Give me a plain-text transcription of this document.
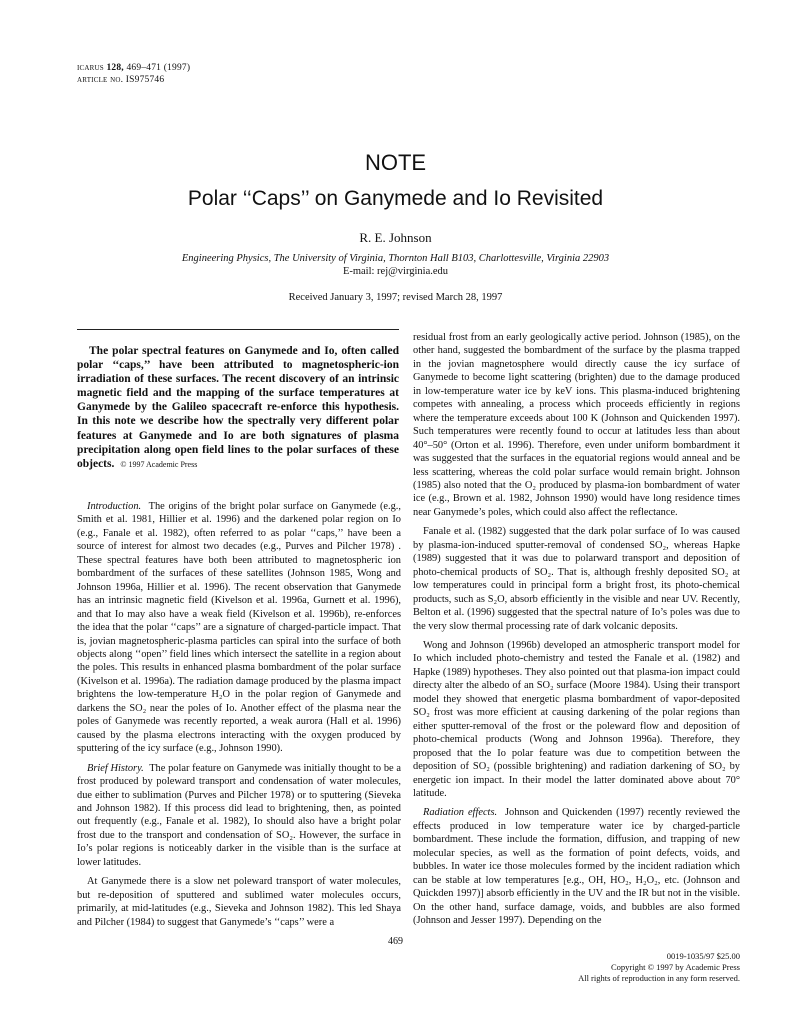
icarus 128, 469–471 (1997)
article no. IS975746
NOTE
Polar ‘‘Caps’’ on Ganymede and Io Revisited
R. E. Johnson
Engineering Physics, The University of Virginia, Thornton Hall B103, Charlottesville, Virginia 22903
E-mail: rej@virginia.edu
Received January 3, 1997; revised March 28, 1997
The polar spectral features on Ganymede and Io, often called polar ‘‘caps,’’ have been attributed to magnetospheric-ion irradiation of these surfaces. The recent discovery of an intrinsic magnetic field and the mapping of the surface temperatures at Ganymede by the Galileo spacecraft re-enforce this hypothesis. In this note we describe how the spectrally very different polar features at Ganymede and Io are both signatures of plasma precipitation along open field lines to the polar surfaces of these objects. © 1997 Academic Press

Introduction. The origins of the bright polar surface on Ganymede (e.g., Smith et al. 1981, Hillier et al. 1996) and the darkened polar region on Io (e.g., Fanale et al. 1982), often referred to as polar ‘‘caps,’’ have been a source of interest for almost two decades (e.g., Purves and Pilcher 1978) . These spectral features have both been attributed to magnetospheric ion bombardment of the surfaces of these satellites (Johnson 1985, Wong and Johnson 1996a, Hillier et al. 1996). The recent observation that Ganymede has an intrinsic magnetic field (Kivelson et al. 1996a, Gurnett et al. 1996), and that Io may also have a weak field (Kivelson et al. 1996b), re-enforces the idea that the polar ‘‘caps’’ are a signature of charged-particle impact. That is, jovian magnetospheric-plasma particles can spiral into the surface of both objects along ‘‘open’’ field lines which intersect the satellite in a region about the poles. This results in enhanced plasma bombardment of the polar surface (Kivelson et al. 1996a). The radiation damage produced by the plasma impact brightens the low-temperature H₂O in the polar region of Ganymede and darkens the SO₂ near the poles of Io. Another effect of the plasma near the poles of Ganymede was recently reported, a weak aurora (Hall et al. 1996) caused by the plasma electrons interacting with the oxygen produced by sputtering of the icy surface (e.g., Johnson 1990).

Brief History. The polar feature on Ganymede was initially thought to be a frost produced by poleward transport and condensation of water molecules, due either to sublimation (Purves and Pilcher 1978) or to sputtering (Sieveka and Johnson 1982). If this process did lead to brightening, then, as pointed out frequently (e.g., Fanale et al. 1982), Io should also have a bright polar frost due to the transport and condensation of SO₂. However, the surface in Io’s polar regions is noticeably darker in the visible than is the surface at lower latitudes.

At Ganymede there is a slow net poleward transport of water molecules, but re-deposition of sputtered and sublimed water molecules occurs, primarily, at mid-latitudes (e.g., Sieveka and Johnson 1982). This led Shaya and Pilcher (1984) to suggest that Ganymede’s ‘‘caps’’ were a

residual frost from an early geologically active period. Johnson (1985), on the other hand, suggested the bombardment of the surface by the plasma trapped in the jovian magnetosphere would directly cause the icy surface of Ganymede to become light scattering (brighten) due to the damage produced in low-temperature water ice by keV ions. This plasma-induced brightening competes with annealing, a process which proceeds efficiently in regions where the temperature exceeds about 100 K (Johnson and Quickenden 1997). Such temperatures were recently found to occur at latitudes less than about 40°–50° (Orton et al. 1996). Therefore, even under uniform bombardment it was suggested that the surfaces in the equatorial regions would anneal and be less scattering, whereas the cold polar surface would remain bright. Johnson (1985) also noted that the O₂ produced by plasma-ion bombardment of water ice (e.g., Brown et al. 1982, Johnson 1990) would have long residence times near Ganymede’s poles, which could also affect the reflectance.

Fanale et al. (1982) suggested that the dark polar surface of Io was caused by plasma-ion-induced sputter-removal of condensed SO₂, whereas Hapke (1989) suggested that it was due to polarward transport and deposition of photo-chemical products of SO₂. That is, although freshly deposited SO₂ at low temperatures could in principal form a bright frost, its photo-chemical products, such as S₂O, absorb efficiently in the visible and near UV. Recently, Belton et al. (1996) suggested that the spectral nature of Io’s poles was due to the very slow thermal processing rate of dark volcanic deposits.

Wong and Johnson (1996b) developed an atmospheric transport model for Io which included photo-chemistry and tested the Fanale et al. (1982) and Hapke (1989) hypotheses. They also pointed out that plasma-ion impact could directy alter the albedo of an SO₂ surface (Moore 1984). Using their transport model they showed that energetic plasma bombardment of vapor-deposited SO₂ frost was more efficient at causing darkening of the polar regions than either sputter-removal of the frost or the poleward flow and deposition of photo-chemical products (Wong and Johnson 1996a). Therefore, they proposed that the Io polar feature was due to competition between the deposition of SO₂ (possible brightening) and radiation darkening of SO₂ by energetic ion impact. In their model the latter dominated above about 70° latitude.

Radiation effects. Johnson and Quickenden (1997) recently reviewed the effects produced in low temperature water ice by charged-particle bombardment. These include the formation, diffusion, and trapping of new molecular species, as well as the formation of point defects, voids, and bubbles. In water ice those molecules formed by the incident radiation which can be stable at low temperatures [e.g., OH, HO₂, H₂O₂, etc. (Johnson and Quickden 1997)] absorb efficiently in the UV and the IR but not in the visible. On the other hand, surface damage, voids, and bubbles are also formed (Johnson and Jesser 1997). Depending on the

469
0019-1035/97 $25.00
Copyright © 1997 by Academic Press
All rights of reproduction in any form reserved.
